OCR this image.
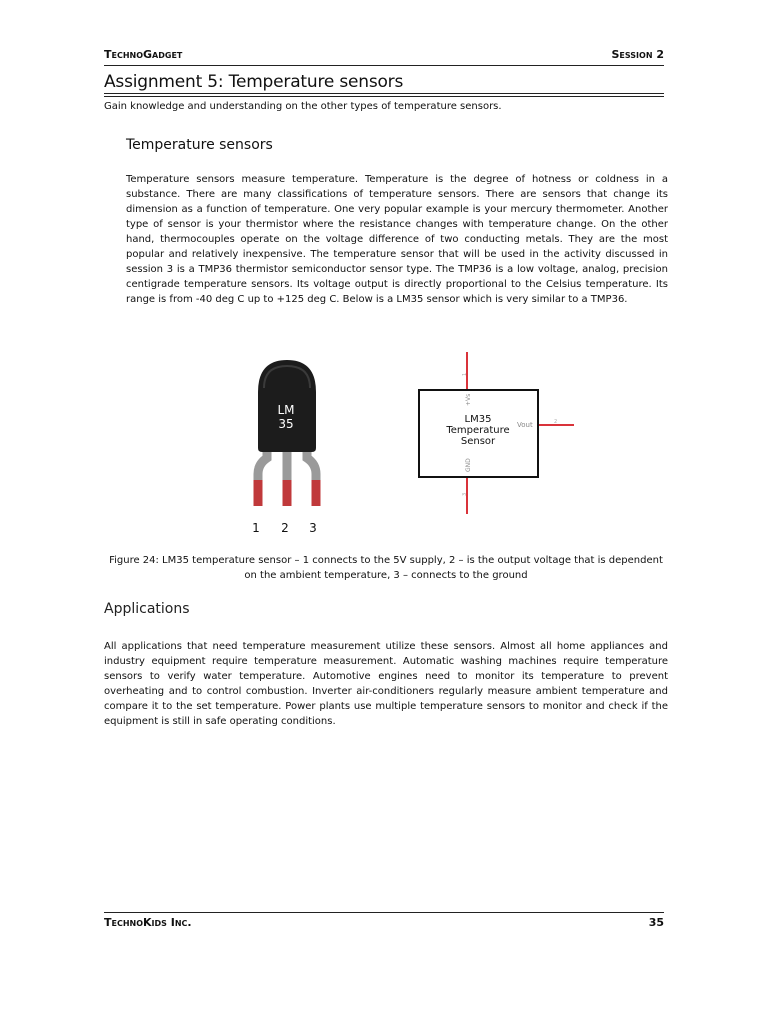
TechnoGadget	Session 2
Assignment 5: Temperature sensors
Gain knowledge and understanding on the other types of temperature sensors.
Temperature sensors
Temperature sensors measure temperature. Temperature is the degree of hotness or coldness in a substance. There are many classifications of temperature sensors. There are sensors that change its dimension as a function of temperature. One very popular example is your mercury thermometer. Another type of sensor is your thermistor where the resistance changes with temperature change. On the other hand, thermocouples operate on the voltage difference of two conducting metals. They are the most popular and relatively inexpensive. The temperature sensor that will be used in the activity discussed in session 3 is a TMP36 thermistor semiconductor sensor type. The TMP36 is a low voltage, analog, precision centigrade temperature sensors. Its voltage output is directly proportional to the Celsius temperature. Its range is from -40 deg C up to +125 deg C. Below is a LM35 sensor which is very similar to a TMP36.
LM
35
1 2 3
LM35
Temperature
Sensor
+Vs
GND
Vout
1
3
2
Figure 24: LM35 temperature sensor – 1 connects to the 5V supply, 2 – is the output voltage that is dependent on the ambient temperature, 3 – connects to the ground
Applications
All applications that need temperature measurement utilize these sensors. Almost all home appliances and industry equipment require temperature measurement. Automatic washing machines require temperature sensors to verify water temperature. Automotive engines need to monitor its temperature to prevent overheating and to control combustion. Inverter air-conditioners regularly measure ambient temperature and compare it to the set temperature. Power plants use multiple temperature sensors to monitor and check if the equipment is still in safe operating conditions.
TechnoKids Inc.	35
